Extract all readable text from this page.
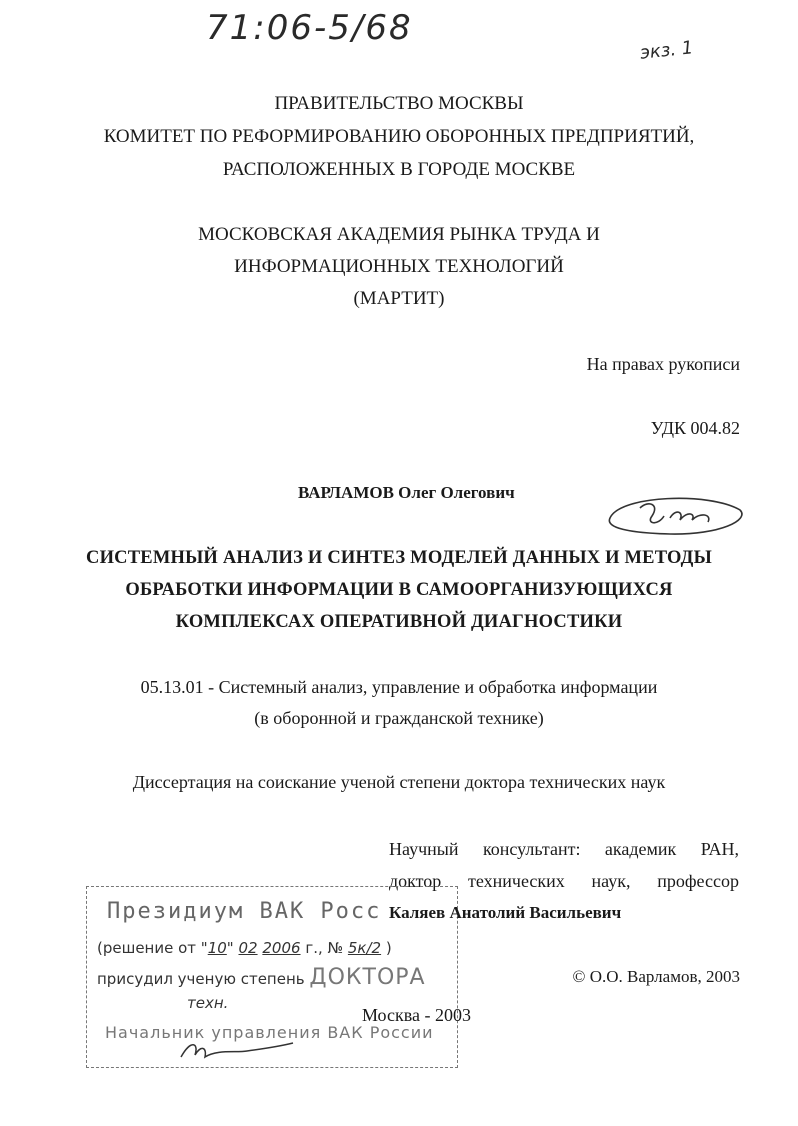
71:06-5/68
экз. 1
ПРАВИТЕЛЬСТВО МОСКВЫ
КОМИТЕТ ПО РЕФОРМИРОВАНИЮ ОБОРОННЫХ ПРЕДПРИЯТИЙ,
РАСПОЛОЖЕННЫХ В ГОРОДЕ МОСКВЕ
МОСКОВСКАЯ АКАДЕМИЯ РЫНКА ТРУДА И
ИНФОРМАЦИОННЫХ ТЕХНОЛОГИЙ
(МАРТИТ)
На правах рукописи
УДК 004.82
ВАРЛАМОВ Олег Олегович
СИСТЕМНЫЙ АНАЛИЗ И СИНТЕЗ МОДЕЛЕЙ ДАННЫХ И МЕТОДЫ
ОБРАБОТКИ ИНФОРМАЦИИ В САМООРГАНИЗУЮЩИХСЯ
КОМПЛЕКСАХ ОПЕРАТИВНОЙ ДИАГНОСТИКИ
05.13.01 - Системный анализ, управление и обработка информации
(в оборонной и гражданской технике)
Диссертация на соискание ученой степени доктора технических наук
Научный консультант: академик РАН,
доктор технических наук, профессор
Президиум ВАК Росс
(решение от "10" 02 2006 г., № 5к/2 )
присудил ученую степень ДОКТОРА
техн.
Начальник управления ВАК России
Каляев Анатолий Васильевич
© О.О. Варламов, 2003
Москва - 2003
